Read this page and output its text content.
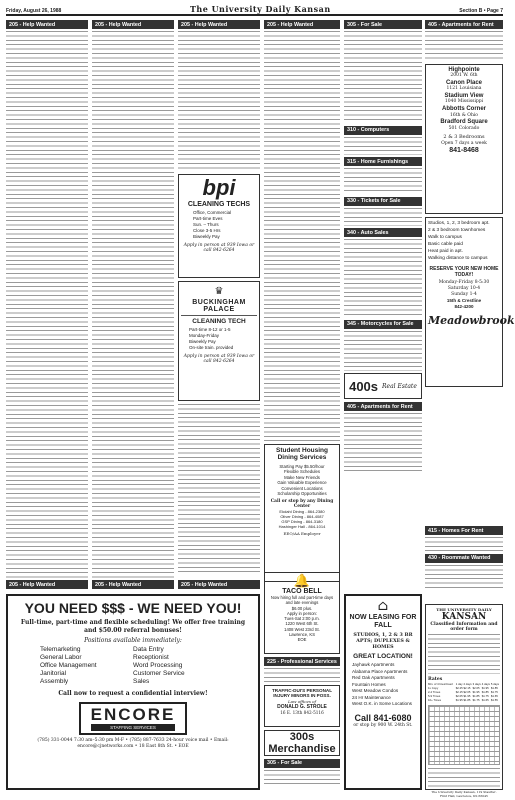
Friday, August 26, 1988	The University Daily Kansan	Section B • Page 7
205 - Help Wanted	205 - Help Wanted	205 - Help Wanted
bpi
CLEANING TECHS
Office, Commercial
Part-time Eves
Sun. – Thurs
Close 3-5 Hrs
Biweekly Pay
Apply in person at 939 Iowa or call 842-6264
♛
BUCKINGHAM PALACE
CLEANING TECH
Part-time 8-12 or 1-5
Monday-Friday
Biweekly Pay
On-site train. provided
Apply in person at 939 Iowa or call 842-6264
205 - Help Wanted
Student Housing Dining Services
Starting Pay $5.50/hour
Flexible Schedules
Make New Friends
Gain Valuable Experience
Convenient Locations
Scholarship Opportunities
Call or stop by any Dining Center
Ekdahl Dining - 864-2380
Oliver Dining - 864-4087
GSP Dining - 864-3180
Hashinger Hall - 864-1014
EEO/AA Employer
305 - For Sale
310 - Computers
315 - Home Furnishings
330 - Tickets for Sale
340 - Auto Sales
345 - Motorcycles for Sale
400s Real Estate
405 - Apartments for Rent
405 - Apartments for Rent
Highpointe
2001 W. 6th
Canon Place
1121 Louisiana
Stadium View
1040 Mississippi
Abbotts Corner
16th & Ohio
Bradford Square
501 Colorado
2 & 3 Bedrooms
Open 7 days a week
841-8468
Studios, 1, 2, 3 bedroom apt.
2 & 3 bedroom townhomes
Walk to campus
Basic cable paid
Heat paid in apt.
Walking distance to campus
RESERVE YOUR NEW HOME TODAY!
Monday-Friday 8-5:30
Saturday 10-4
Sunday 1-4
15th & Crestline
842-4200
Meadowbrook
205 - Help Wanted	205 - Help Wanted	205 - Help Wanted
YOU NEED $$$ - WE NEED YOU!
Full-time, part-time and flexible scheduling! We offer free training and $50.00 referral bonuses!
Positions available immediately:
Telemarketing	Data Entry
General Labor	Receptionist
Office Management	Word Processing
Janitorial	Customer Service
Assembly	Sales
Call now to request a confidential interview!
ENCORE
STAFFING SERVICES
(785) 331-0044 7:30 am–5:30 pm M-F • (785) 887-7633 24-hour voice mail • Email: encore@cjnetworks.com • 18 East 8th St. • EOE
🔔
TACO BELL
Now hiring full and part-time days and late evenings
$6.00 plus.
Apply in person:
Tues-Sat 2:00 p.m.
1220 West 6th St.
1408 West 23rd St.
Lawrence, KS
EOE
225 - Professional Services
TRAFFIC-DUI'S PERSONAL INJURY MINORS IN POSS.
Law offices of
DONALD G. STROLE
16 E. 13th 842-5116
300s Merchandise
305 - For Sale
⌂
NOW LEASING FOR FALL
STUDIOS, 1, 2 & 3 BR APTS; DUPLEXES & HOMES
GREAT LOCATION!
Jayhawk Apartments
Alabama Place Apartments
Red Oak Apartments
Fountain Homes
West Meadow Condos
24 Hr Maintenance
West O.K. in Some Locations
Call 841-6080
or stop by 900 W. 24th St.
415 - Homes For Rent
430 - Roommate Wanted
THE UNIVERSITY DAILY
KANSAN
Classified Information and order form
Rates
Min. of 4 lines/Insert	1 day	2 days	3 days	4 days	5 days
1x Copy	$2.25	$2.15	$2.05	$1.95	$1.85
2-4 Times	$2.15	$2.05	$1.95	$1.85	$1.75
5-9 Times	$2.05	$1.95	$1.85	$1.75	$1.65
10+ Times	$1.95	$1.85	$1.75	$1.65	$1.55
The University Daily Kansan, 119 Stauffer-Flint Hall, Lawrence, KS 66045
